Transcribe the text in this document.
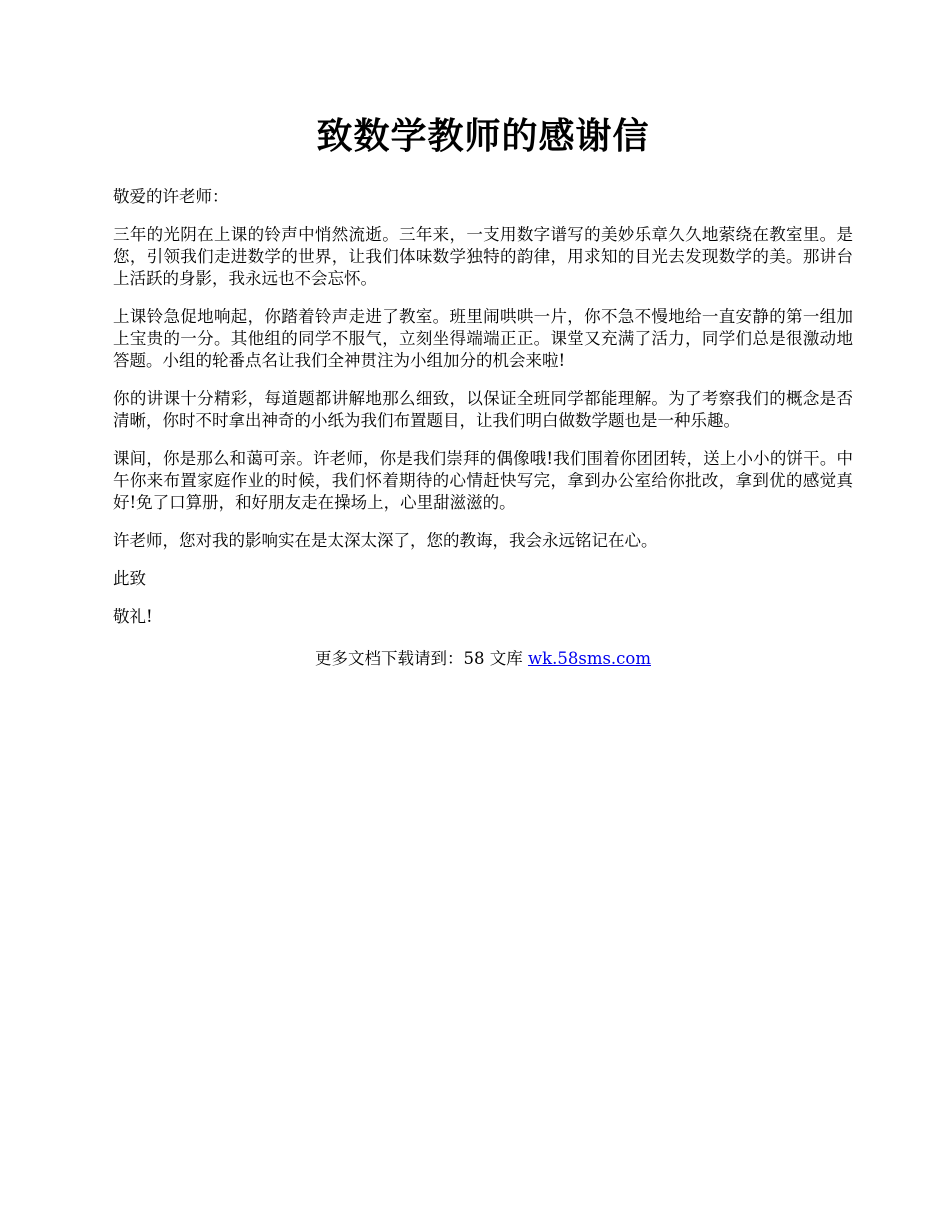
致数学教师的感谢信

敬爱的许老师：

三年的光阴在上课的铃声中悄然流逝。三年来，一支用数字谱写的美妙乐章久久地萦绕在教室里。是您，引领我们走进数学的世界，让我们体味数学独特的韵律，用求知的目光去发现数学的美。那讲台上活跃的身影，我永远也不会忘怀。

上课铃急促地响起，你踏着铃声走进了教室。班里闹哄哄一片，你不急不慢地给一直安静的第一组加上宝贵的一分。其他组的同学不服气，立刻坐得端端正正。课堂又充满了活力，同学们总是很激动地答题。小组的轮番点名让我们全神贯注为小组加分的机会来啦!

你的讲课十分精彩，每道题都讲解地那么细致，以保证全班同学都能理解。为了考察我们的概念是否清晰，你时不时拿出神奇的小纸为我们布置题目，让我们明白做数学题也是一种乐趣。

课间，你是那么和蔼可亲。许老师，你是我们崇拜的偶像哦!我们围着你团团转，送上小小的饼干。中午你来布置家庭作业的时候，我们怀着期待的心情赶快写完，拿到办公室给你批改，拿到优的感觉真好!免了口算册，和好朋友走在操场上，心里甜滋滋的。

许老师，您对我的影响实在是太深太深了，您的教诲，我会永远铭记在心。

此致

敬礼!

更多文档下载请到：58 文库 wk.58sms.com
